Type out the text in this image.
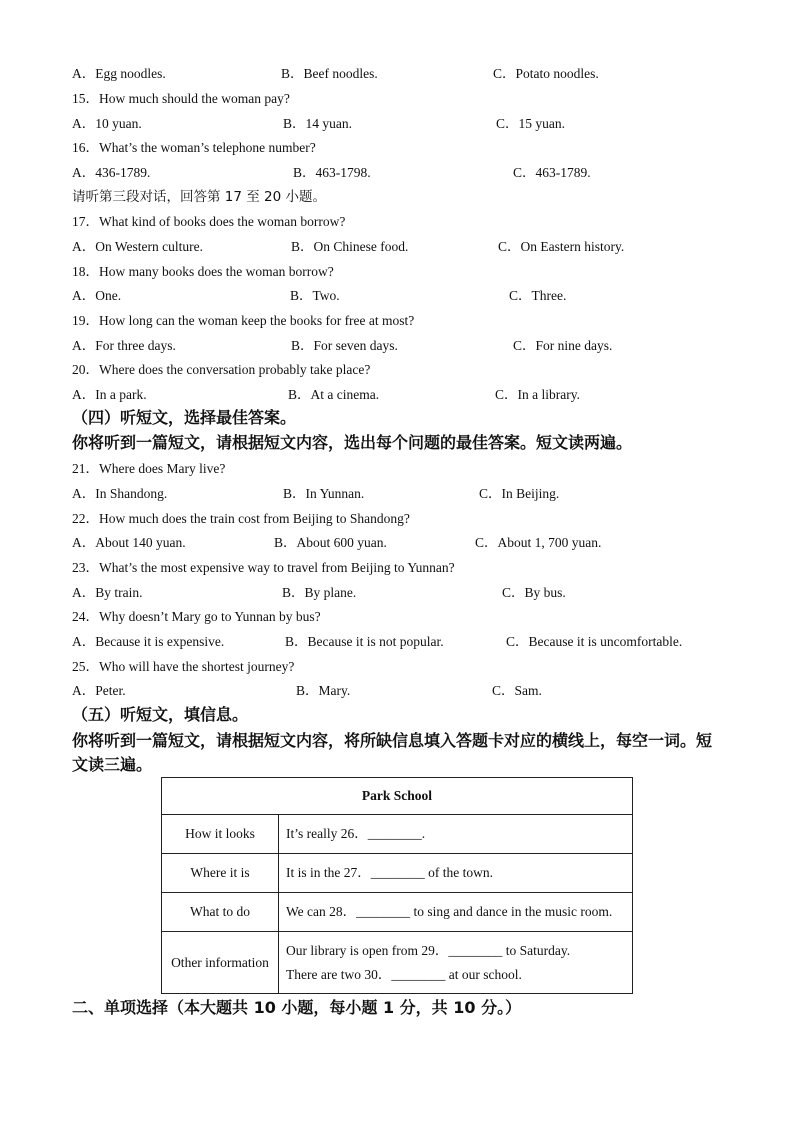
A．Egg noodles.	B．Beef noodles.	C．Potato noodles.
15．How much should the woman pay?
A．10 yuan.	B．14 yuan.	C．15 yuan.
16．What’s the woman’s telephone number?
A．436-1789.	B．463-1798.	C．463-1789.
请听第三段对话，回答第 17 至 20 小题。
17．What kind of books does the woman borrow?
A．On Western culture.	B．On Chinese food.	C．On Eastern history.
18．How many books does the woman borrow?
A．One.	B．Two.	C．Three.
19．How long can the woman keep the books for free at most?
A．For three days.	B．For seven days.	C．For nine days.
20．Where does the conversation probably take place?
A．In a park.	B．At a cinema.	C．In a library.
（四）听短文，选择最佳答案。
你将听到一篇短文，请根据短文内容，选出每个问题的最佳答案。短文读两遍。
21．Where does Mary live?
A．In Shandong.	B．In Yunnan.	C．In Beijing.
22．How much does the train cost from Beijing to Shandong?
A．About 140 yuan.	B．About 600 yuan.	C．About 1, 700 yuan.
23．What’s the most expensive way to travel from Beijing to Yunnan?
A．By train.	B．By plane.	C．By bus.
24．Why doesn’t Mary go to Yunnan by bus?
A．Because it is expensive.	B．Because it is not popular.	C．Because it is uncomfortable.
25．Who will have the shortest journey?
A．Peter.	B．Mary.	C．Sam.
（五）听短文，填信息。
你将听到一篇短文，请根据短文内容，将所缺信息填入答题卡对应的横线上，每空一词。短文读三遍。
Park School	
How it looks	It’s really 26．________.

Where it is	It is in the 27．________ of the town.

What to do	We can 28．________ to sing and dance in the music room.

Other information	Our library is open from 29．________ to Saturday.
There are two 30．________ at our school.
二、单项选择（本大题共 10 小题，每小题 1 分，共 10 分。）
